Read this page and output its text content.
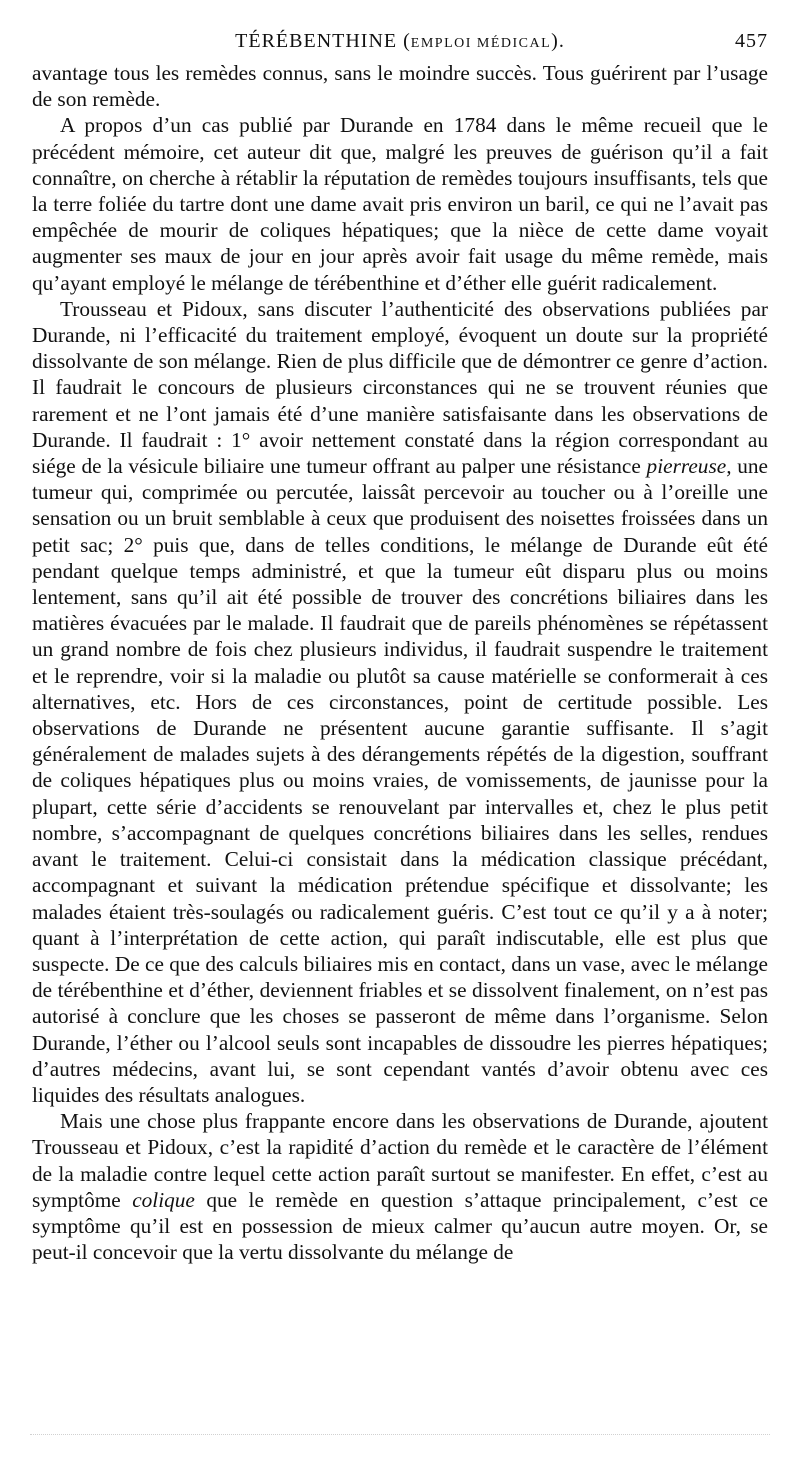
TÉRÉBENTHINE (EMPLOI MÉDICAL).	457

avantage tous les remèdes connus, sans le moindre succès. Tous guérirent par l’usage de son remède.

A propos d’un cas publié par Durande en 1784 dans le même recueil que le précédent mémoire, cet auteur dit que, malgré les preuves de guérison qu’il a fait connaître, on cherche à rétablir la réputation de remèdes toujours insuffisants, tels que la terre foliée du tartre dont une dame avait pris environ un baril, ce qui ne l’avait pas empêchée de mourir de coliques hépatiques; que la nièce de cette dame voyait augmenter ses maux de jour en jour après avoir fait usage du même remède, mais qu’ayant employé le mélange de térébenthine et d’éther elle guérit radicalement.

Trousseau et Pidoux, sans discuter l’authenticité des observations publiées par Durande, ni l’efficacité du traitement employé, évoquent un doute sur la propriété dissolvante de son mélange. Rien de plus difficile que de démontrer ce genre d’action. Il faudrait le concours de plusieurs circonstances qui ne se trouvent réunies que rarement et ne l’ont jamais été d’une manière satisfaisante dans les observations de Durande. Il faudrait : 1° avoir nettement constaté dans la région correspondant au siége de la vésicule biliaire une tumeur offrant au palper une résistance pierreuse, une tumeur qui, comprimée ou percutée, laissât percevoir au toucher ou à l’oreille une sensation ou un bruit semblable à ceux que produisent des noisettes froissées dans un petit sac; 2° puis que, dans de telles conditions, le mélange de Durande eût été pendant quelque temps administré, et que la tumeur eût disparu plus ou moins lentement, sans qu’il ait été possible de trouver des concrétions biliaires dans les matières évacuées par le malade. Il faudrait que de pareils phénomènes se répétassent un grand nombre de fois chez plusieurs individus, il faudrait suspendre le traitement et le reprendre, voir si la maladie ou plutôt sa cause matérielle se conformerait à ces alternatives, etc. Hors de ces circonstances, point de certitude possible. Les observations de Durande ne présentent aucune garantie suffisante. Il s’agit généralement de malades sujets à des dérangements répétés de la digestion, souffrant de coliques hépatiques plus ou moins vraies, de vomissements, de jaunisse pour la plupart, cette série d’accidents se renouvelant par intervalles et, chez le plus petit nombre, s’accompagnant de quelques concrétions biliaires dans les selles, rendues avant le traitement. Celui-ci consistait dans la médication classique précédant, accompagnant et suivant la médication prétendue spécifique et dissolvante; les malades étaient très-soulagés ou radicalement guéris. C’est tout ce qu’il y a à noter; quant à l’interprétation de cette action, qui paraît indiscutable, elle est plus que suspecte. De ce que des calculs biliaires mis en contact, dans un vase, avec le mélange de térébenthine et d’éther, deviennent friables et se dissolvent finalement, on n’est pas autorisé à conclure que les choses se passeront de même dans l’organisme. Selon Durande, l’éther ou l’alcool seuls sont incapables de dissoudre les pierres hépatiques; d’autres médecins, avant lui, se sont cependant vantés d’avoir obtenu avec ces liquides des résultats analogues.

Mais une chose plus frappante encore dans les observations de Durande, ajoutent Trousseau et Pidoux, c’est la rapidité d’action du remède et le caractère de l’élément de la maladie contre lequel cette action paraît surtout se manifester. En effet, c’est au symptôme colique que le remède en question s’attaque principalement, c’est ce symptôme qu’il est en possession de mieux calmer qu’aucun autre moyen. Or, se peut-il concevoir que la vertu dissolvante du mélange de
